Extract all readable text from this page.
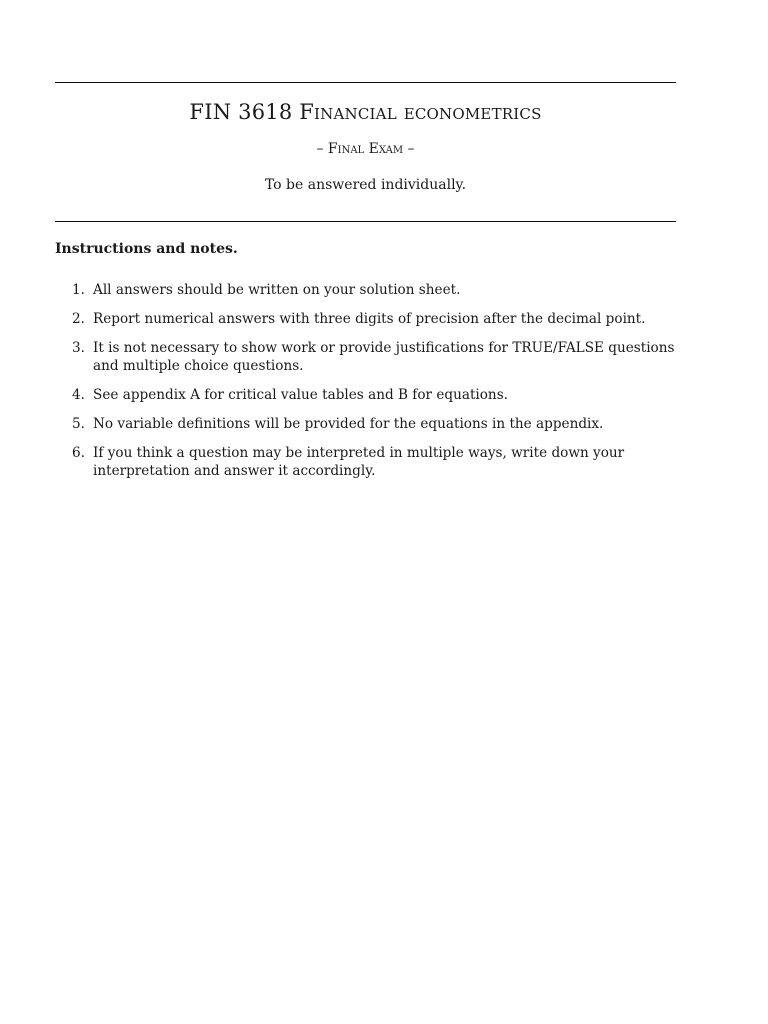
FIN 3618 Financial econometrics
– Final Exam –
To be answered individually.
Instructions and notes.
1. All answers should be written on your solution sheet.
2. Report numerical answers with three digits of precision after the decimal point.
3. It is not necessary to show work or provide justifications for TRUE/FALSE questions and multiple choice questions.
4. See appendix A for critical value tables and B for equations.
5. No variable definitions will be provided for the equations in the appendix.
6. If you think a question may be interpreted in multiple ways, write down your interpretation and answer it accordingly.
